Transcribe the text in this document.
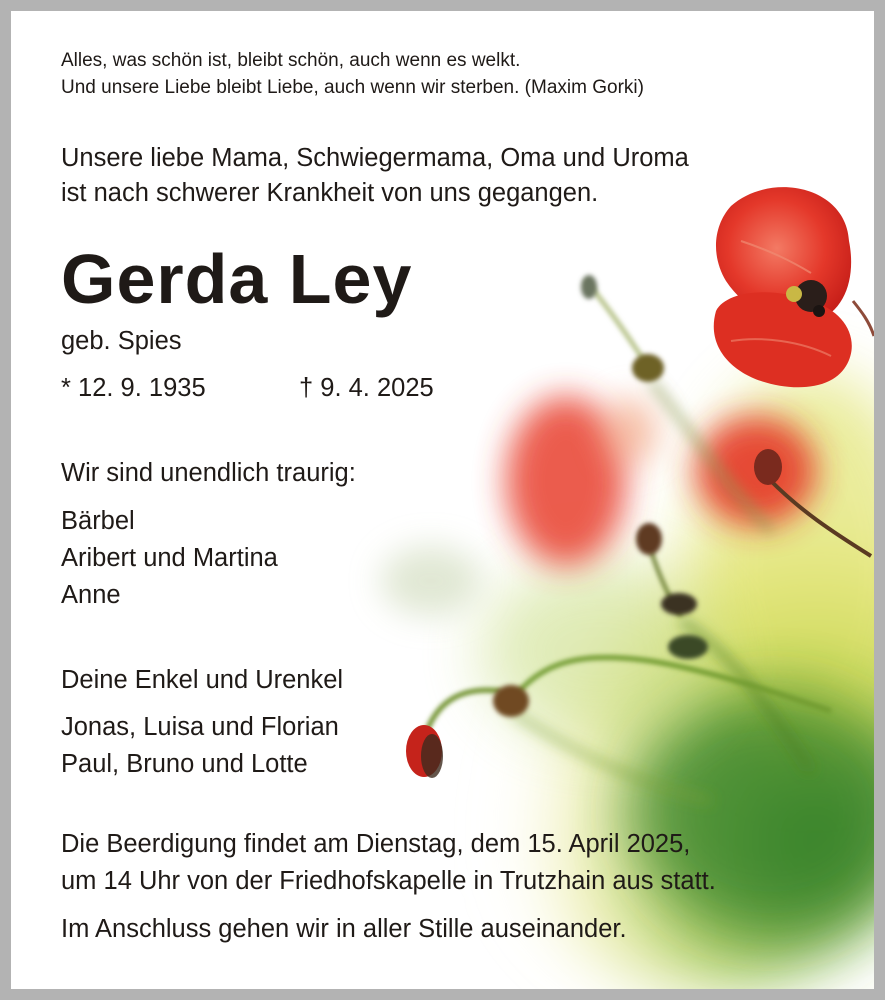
Alles, was schön ist, bleibt schön, auch wenn es welkt.

Und unsere Liebe bleibt Liebe, auch wenn wir sterben. (Maxim Gorki)

Unsere liebe Mama, Schwiegermama, Oma und Uroma

ist nach schwerer Krankheit von uns gegangen.

Gerda Ley

geb. Spies

* 12. 9. 1935	† 9. 4. 2025

Wir sind unendlich traurig:

Bärbel

Aribert und Martina

Anne

Deine Enkel und Urenkel

Jonas, Luisa und Florian

Paul, Bruno und Lotte

Die Beerdigung findet am Dienstag, dem 15. April 2025,

um 14 Uhr von der Friedhofskapelle in Trutzhain aus statt.

Im Anschluss gehen wir in aller Stille auseinander.
